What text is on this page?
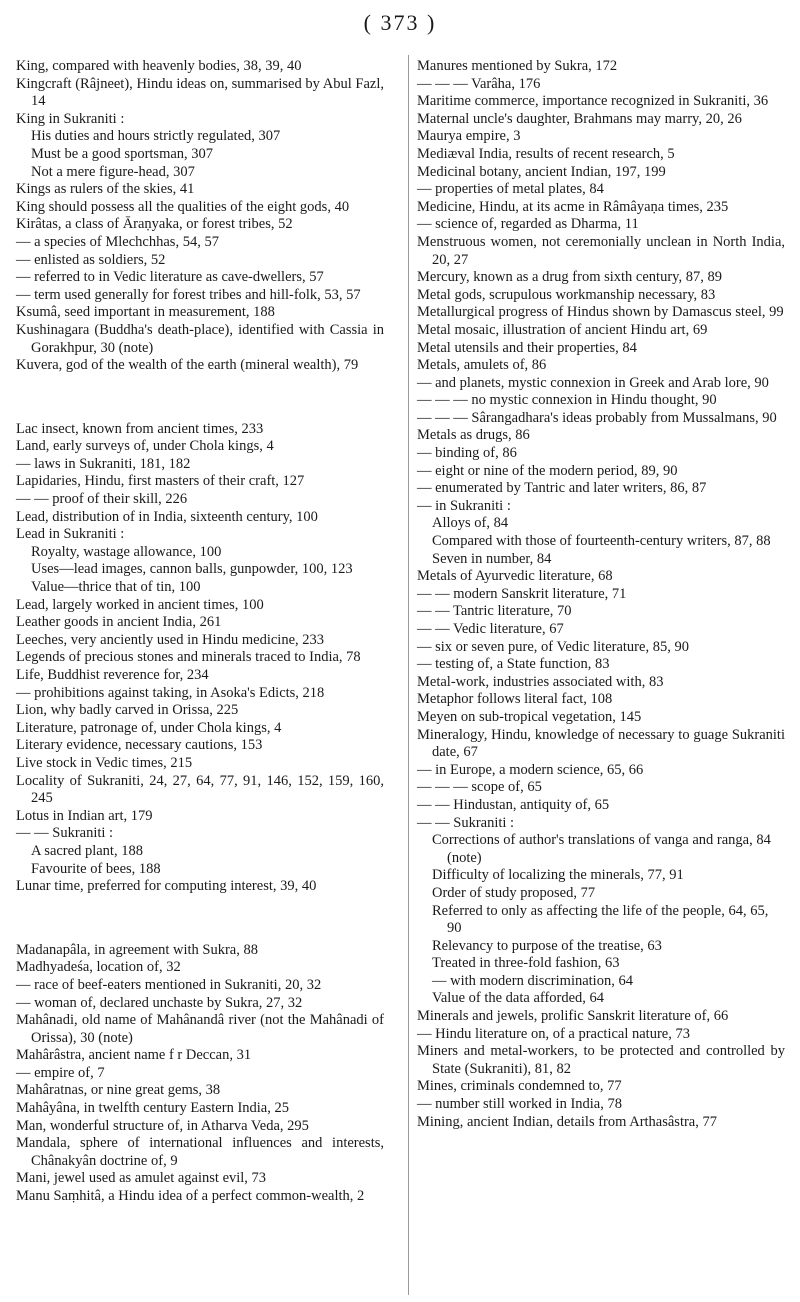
( 373 )

King, compared with heavenly bodies, 38, 39, 40

Kingcraft (Râjneet), Hindu ideas on, summarised by Abul Fazl, 14

King in Sukraniti :

His duties and hours strictly regulated, 307

Must be a good sportsman, 307

Not a mere figure-head, 307

Kings as rulers of the skies, 41

King should possess all the qualities of the eight gods, 40

Kirâtas, a class of Āraṇyaka, or forest tribes, 52

— a species of Mlechchhas, 54, 57

— enlisted as soldiers, 52

— referred to in Vedic literature as cave-dwellers, 57

— term used generally for forest tribes and hill-folk, 53, 57

Ksumâ, seed important in measurement, 188

Kushinagara (Buddha's death-place), identified with Cassia in Gorakhpur, 30 (note)

Kuvera, god of the wealth of the earth (mineral wealth), 79

Lac insect, known from ancient times, 233

Land, early surveys of, under Chola kings, 4

— laws in Sukraniti, 181, 182

Lapidaries, Hindu, first masters of their craft, 127

— — proof of their skill, 226

Lead, distribution of in India, sixteenth century, 100

Lead in Sukraniti :

Royalty, wastage allowance, 100

Uses—lead images, cannon balls, gunpowder, 100, 123

Value—thrice that of tin, 100

Lead, largely worked in ancient times, 100

Leather goods in ancient India, 261

Leeches, very anciently used in Hindu medicine, 233

Legends of precious stones and minerals traced to India, 78

Life, Buddhist reverence for, 234

— prohibitions against taking, in Asoka's Edicts, 218

Lion, why badly carved in Orissa, 225

Literature, patronage of, under Chola kings, 4

Literary evidence, necessary cautions, 153

Live stock in Vedic times, 215

Locality of Sukraniti, 24, 27, 64, 77, 91, 146, 152, 159, 160, 245

Lotus in Indian art, 179

— — Sukraniti :

A sacred plant, 188

Favourite of bees, 188

Lunar time, preferred for computing interest, 39, 40

Madanapâla, in agreement with Sukra, 88

Madhyadeśa, location of, 32

— race of beef-eaters mentioned in Sukraniti, 20, 32

— woman of, declared unchaste by Sukra, 27, 32

Mahânadi, old name of Mahânandâ river (not the Mahânadi of Orissa), 30 (note)

Mahârâstra, ancient name f r Deccan, 31

— empire of, 7

Mahâratnas, or nine great gems, 38

Mahâyâna, in twelfth century Eastern India, 25

Man, wonderful structure of, in Atharva Veda, 295

Mandala, sphere of international influences and interests, Chânakyân doctrine of, 9

Mani, jewel used as amulet against evil, 73

Manu Saṃhitâ, a Hindu idea of a perfect common-wealth, 2

Manures mentioned by Sukra, 172

— — — Varâha, 176

Maritime commerce, importance recognized in Sukraniti, 36

Maternal uncle's daughter, Brahmans may marry, 20, 26

Maurya empire, 3

Mediæval India, results of recent research, 5

Medicinal botany, ancient Indian, 197, 199

— properties of metal plates, 84

Medicine, Hindu, at its acme in Râmâyaṇa times, 235

— science of, regarded as Dharma, 11

Menstruous women, not ceremonially unclean in North India, 20, 27

Mercury, known as a drug from sixth century, 87, 89

Metal gods, scrupulous workmanship necessary, 83

Metallurgical progress of Hindus shown by Damascus steel, 99

Metal mosaic, illustration of ancient Hindu art, 69

Metal utensils and their properties, 84

Metals, amulets of, 86

— and planets, mystic connexion in Greek and Arab lore, 90

— — — no mystic connexion in Hindu thought, 90

— — — Sârangadhara's ideas probably from Mussalmans, 90

Metals as drugs, 86

— binding of, 86

— eight or nine of the modern period, 89, 90

— enumerated by Tantric and later writers, 86, 87

— in Sukraniti :

Alloys of, 84

Compared with those of fourteenth-century writers, 87, 88

Seven in number, 84

Metals of Ayurvedic literature, 68

— — modern Sanskrit literature, 71

— — Tantric literature, 70

— — Vedic literature, 67

— six or seven pure, of Vedic literature, 85, 90

— testing of, a State function, 83

Metal-work, industries associated with, 83

Metaphor follows literal fact, 108

Meyen on sub-tropical vegetation, 145

Mineralogy, Hindu, knowledge of necessary to guage Sukraniti date, 67

— in Europe, a modern science, 65, 66

— — — scope of, 65

— — Hindustan, antiquity of, 65

— — Sukraniti :

Corrections of author's translations of vanga and ranga, 84 (note)

Difficulty of localizing the minerals, 77, 91

Order of study proposed, 77

Referred to only as affecting the life of the people, 64, 65, 90

Relevancy to purpose of the treatise, 63

Treated in three-fold fashion, 63

— with modern discrimination, 64

Value of the data afforded, 64

Minerals and jewels, prolific Sanskrit literature of, 66

— Hindu literature on, of a practical nature, 73

Miners and metal-workers, to be protected and controlled by State (Sukraniti), 81, 82

Mines, criminals condemned to, 77

— number still worked in India, 78

Mining, ancient Indian, details from Arthasâstra, 77
